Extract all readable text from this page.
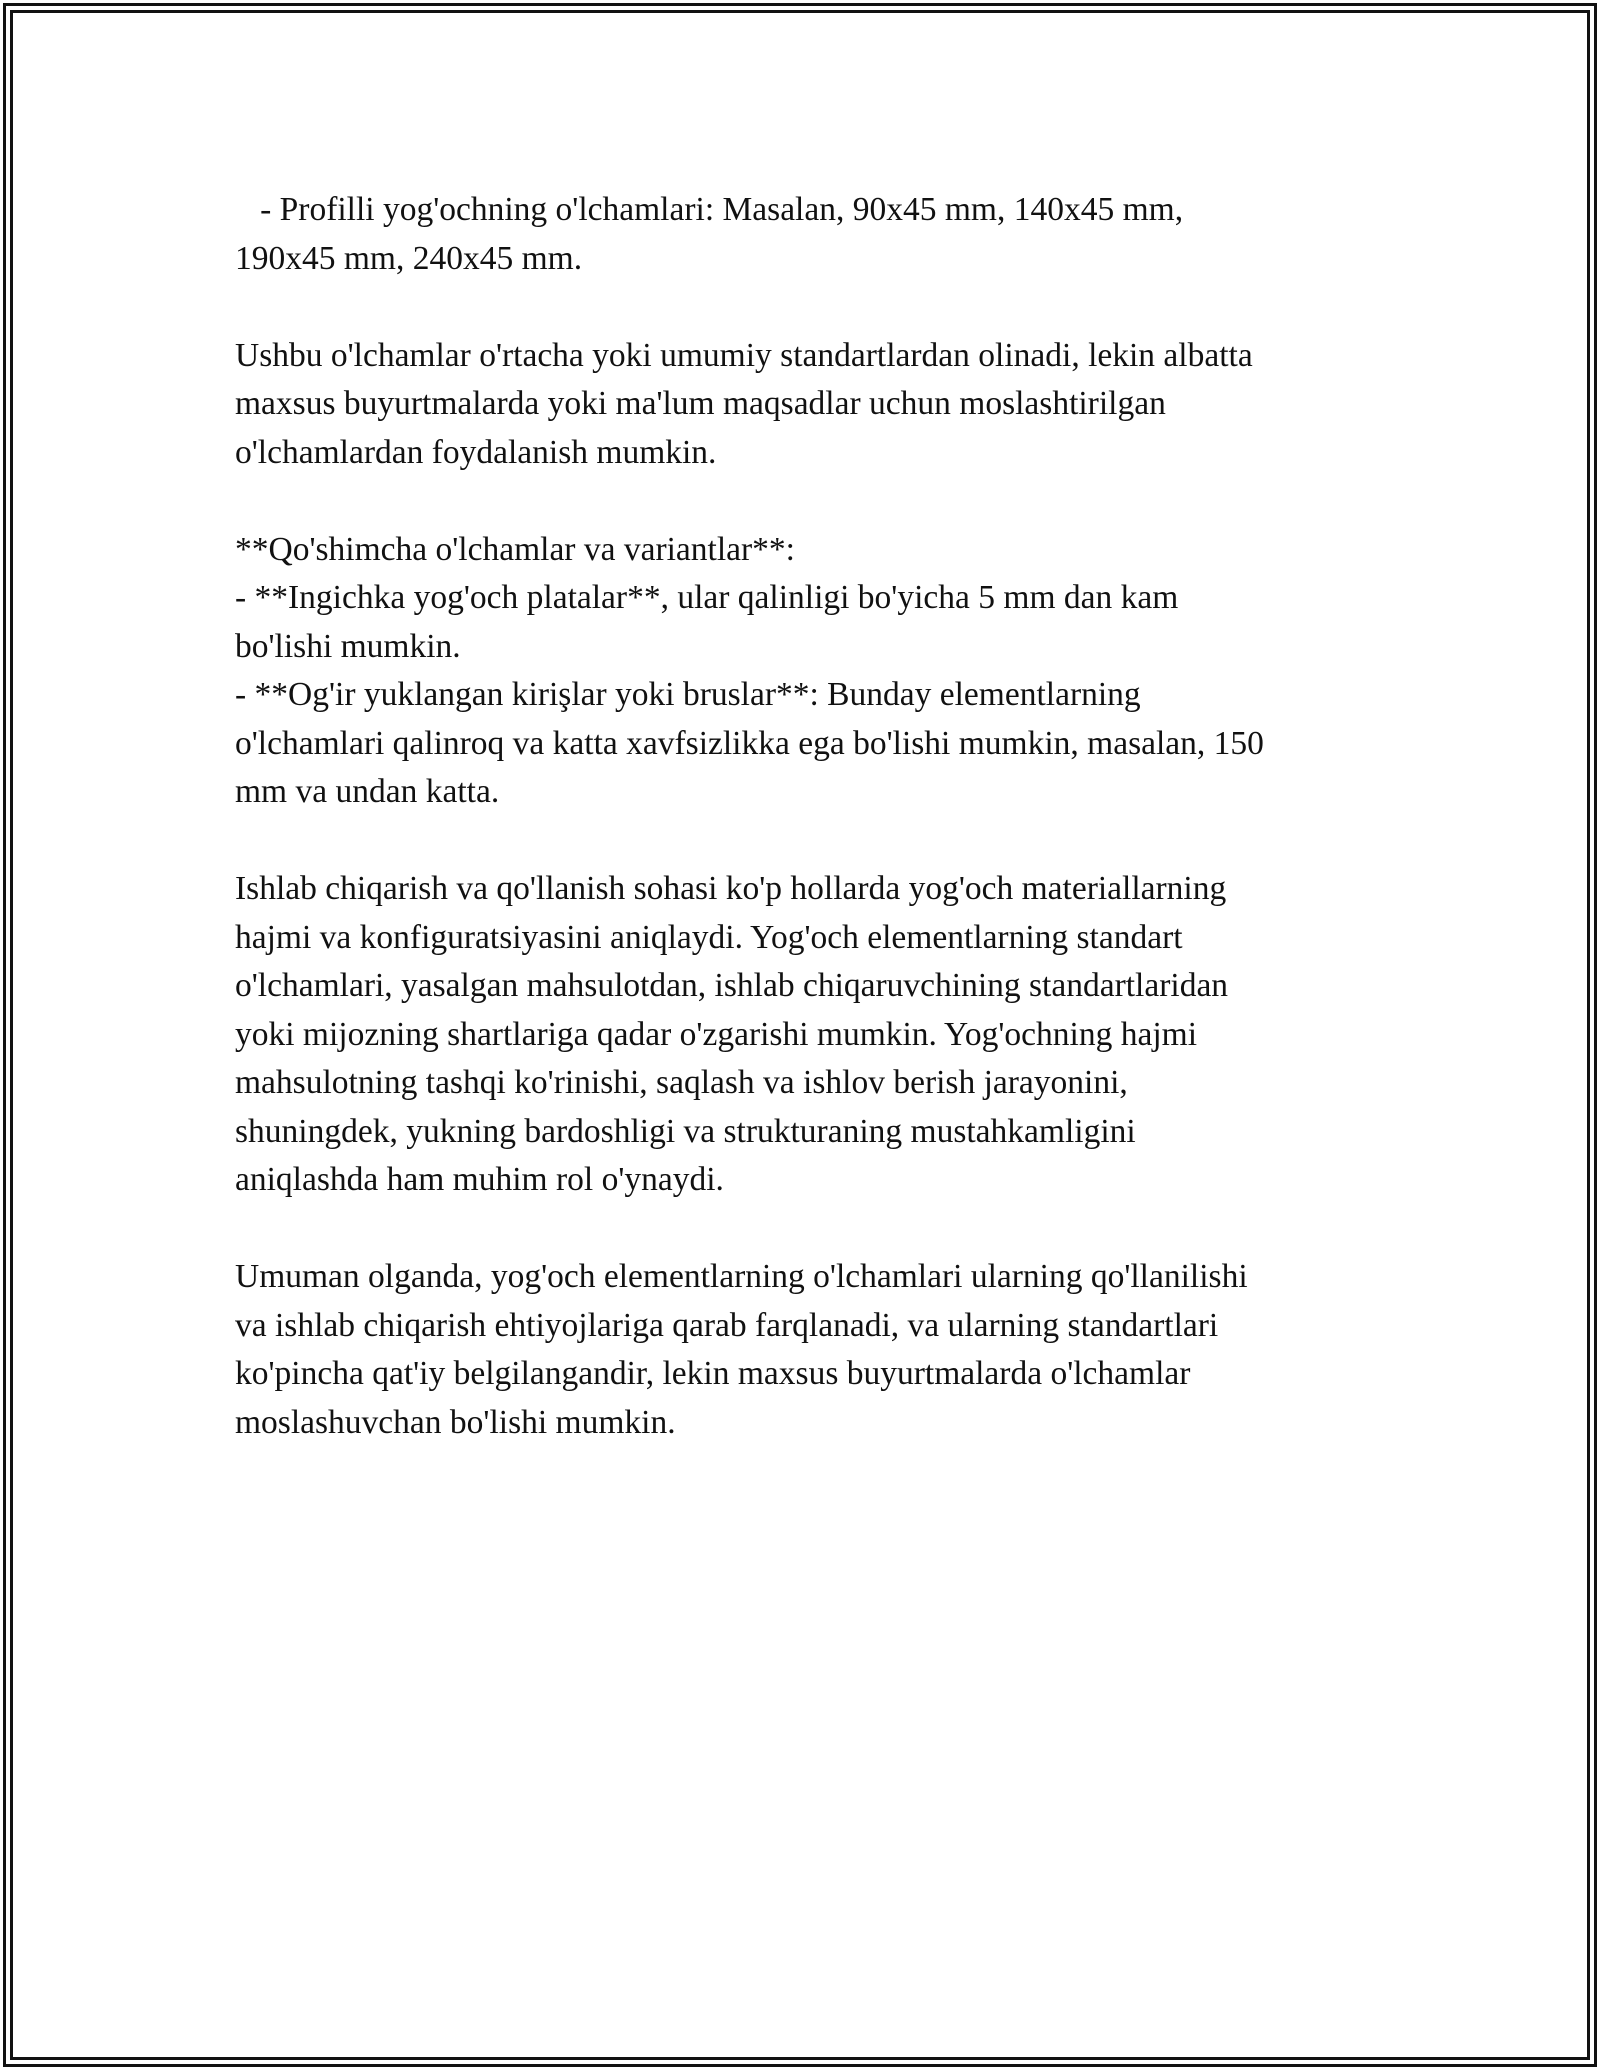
- Profilli yog'ochning o'lchamlari: Masalan, 90x45 mm, 140x45 mm,
190x45 mm, 240x45 mm.

Ushbu o'lchamlar o'rtacha yoki umumiy standartlardan olinadi, lekin albatta
maxsus buyurtmalarda yoki ma'lum maqsadlar uchun moslashtirilgan
o'lchamlardan foydalanish mumkin.

**Qo'shimcha o'lchamlar va variantlar**:
- **Ingichka yog'och platalar**, ular qalinligi bo'yicha 5 mm dan kam
bo'lishi mumkin.
- **Og'ir yuklangan kirişlar yoki bruslar**: Bunday elementlarning
o'lchamlari qalinroq va katta xavfsizlikka ega bo'lishi mumkin, masalan, 150
mm va undan katta.

Ishlab chiqarish va qo'llanish sohasi ko'p hollarda yog'och materiallarning
hajmi va konfiguratsiyasini aniqlaydi. Yog'och elementlarning standart
o'lchamlari, yasalgan mahsulotdan, ishlab chiqaruvchining standartlaridan
yoki mijozning shartlariga qadar o'zgarishi mumkin. Yog'ochning hajmi
mahsulotning tashqi ko'rinishi, saqlash va ishlov berish jarayonini,
shuningdek, yukning bardoshligi va strukturaning mustahkamligini
aniqlashda ham muhim rol o'ynaydi.

Umuman olganda, yog'och elementlarning o'lchamlari ularning qo'llanilishi
va ishlab chiqarish ehtiyojlariga qarab farqlanadi, va ularning standartlari
ko'pincha qat'iy belgilangandir, lekin maxsus buyurtmalarda o'lchamlar
moslashuvchan bo'lishi mumkin.
